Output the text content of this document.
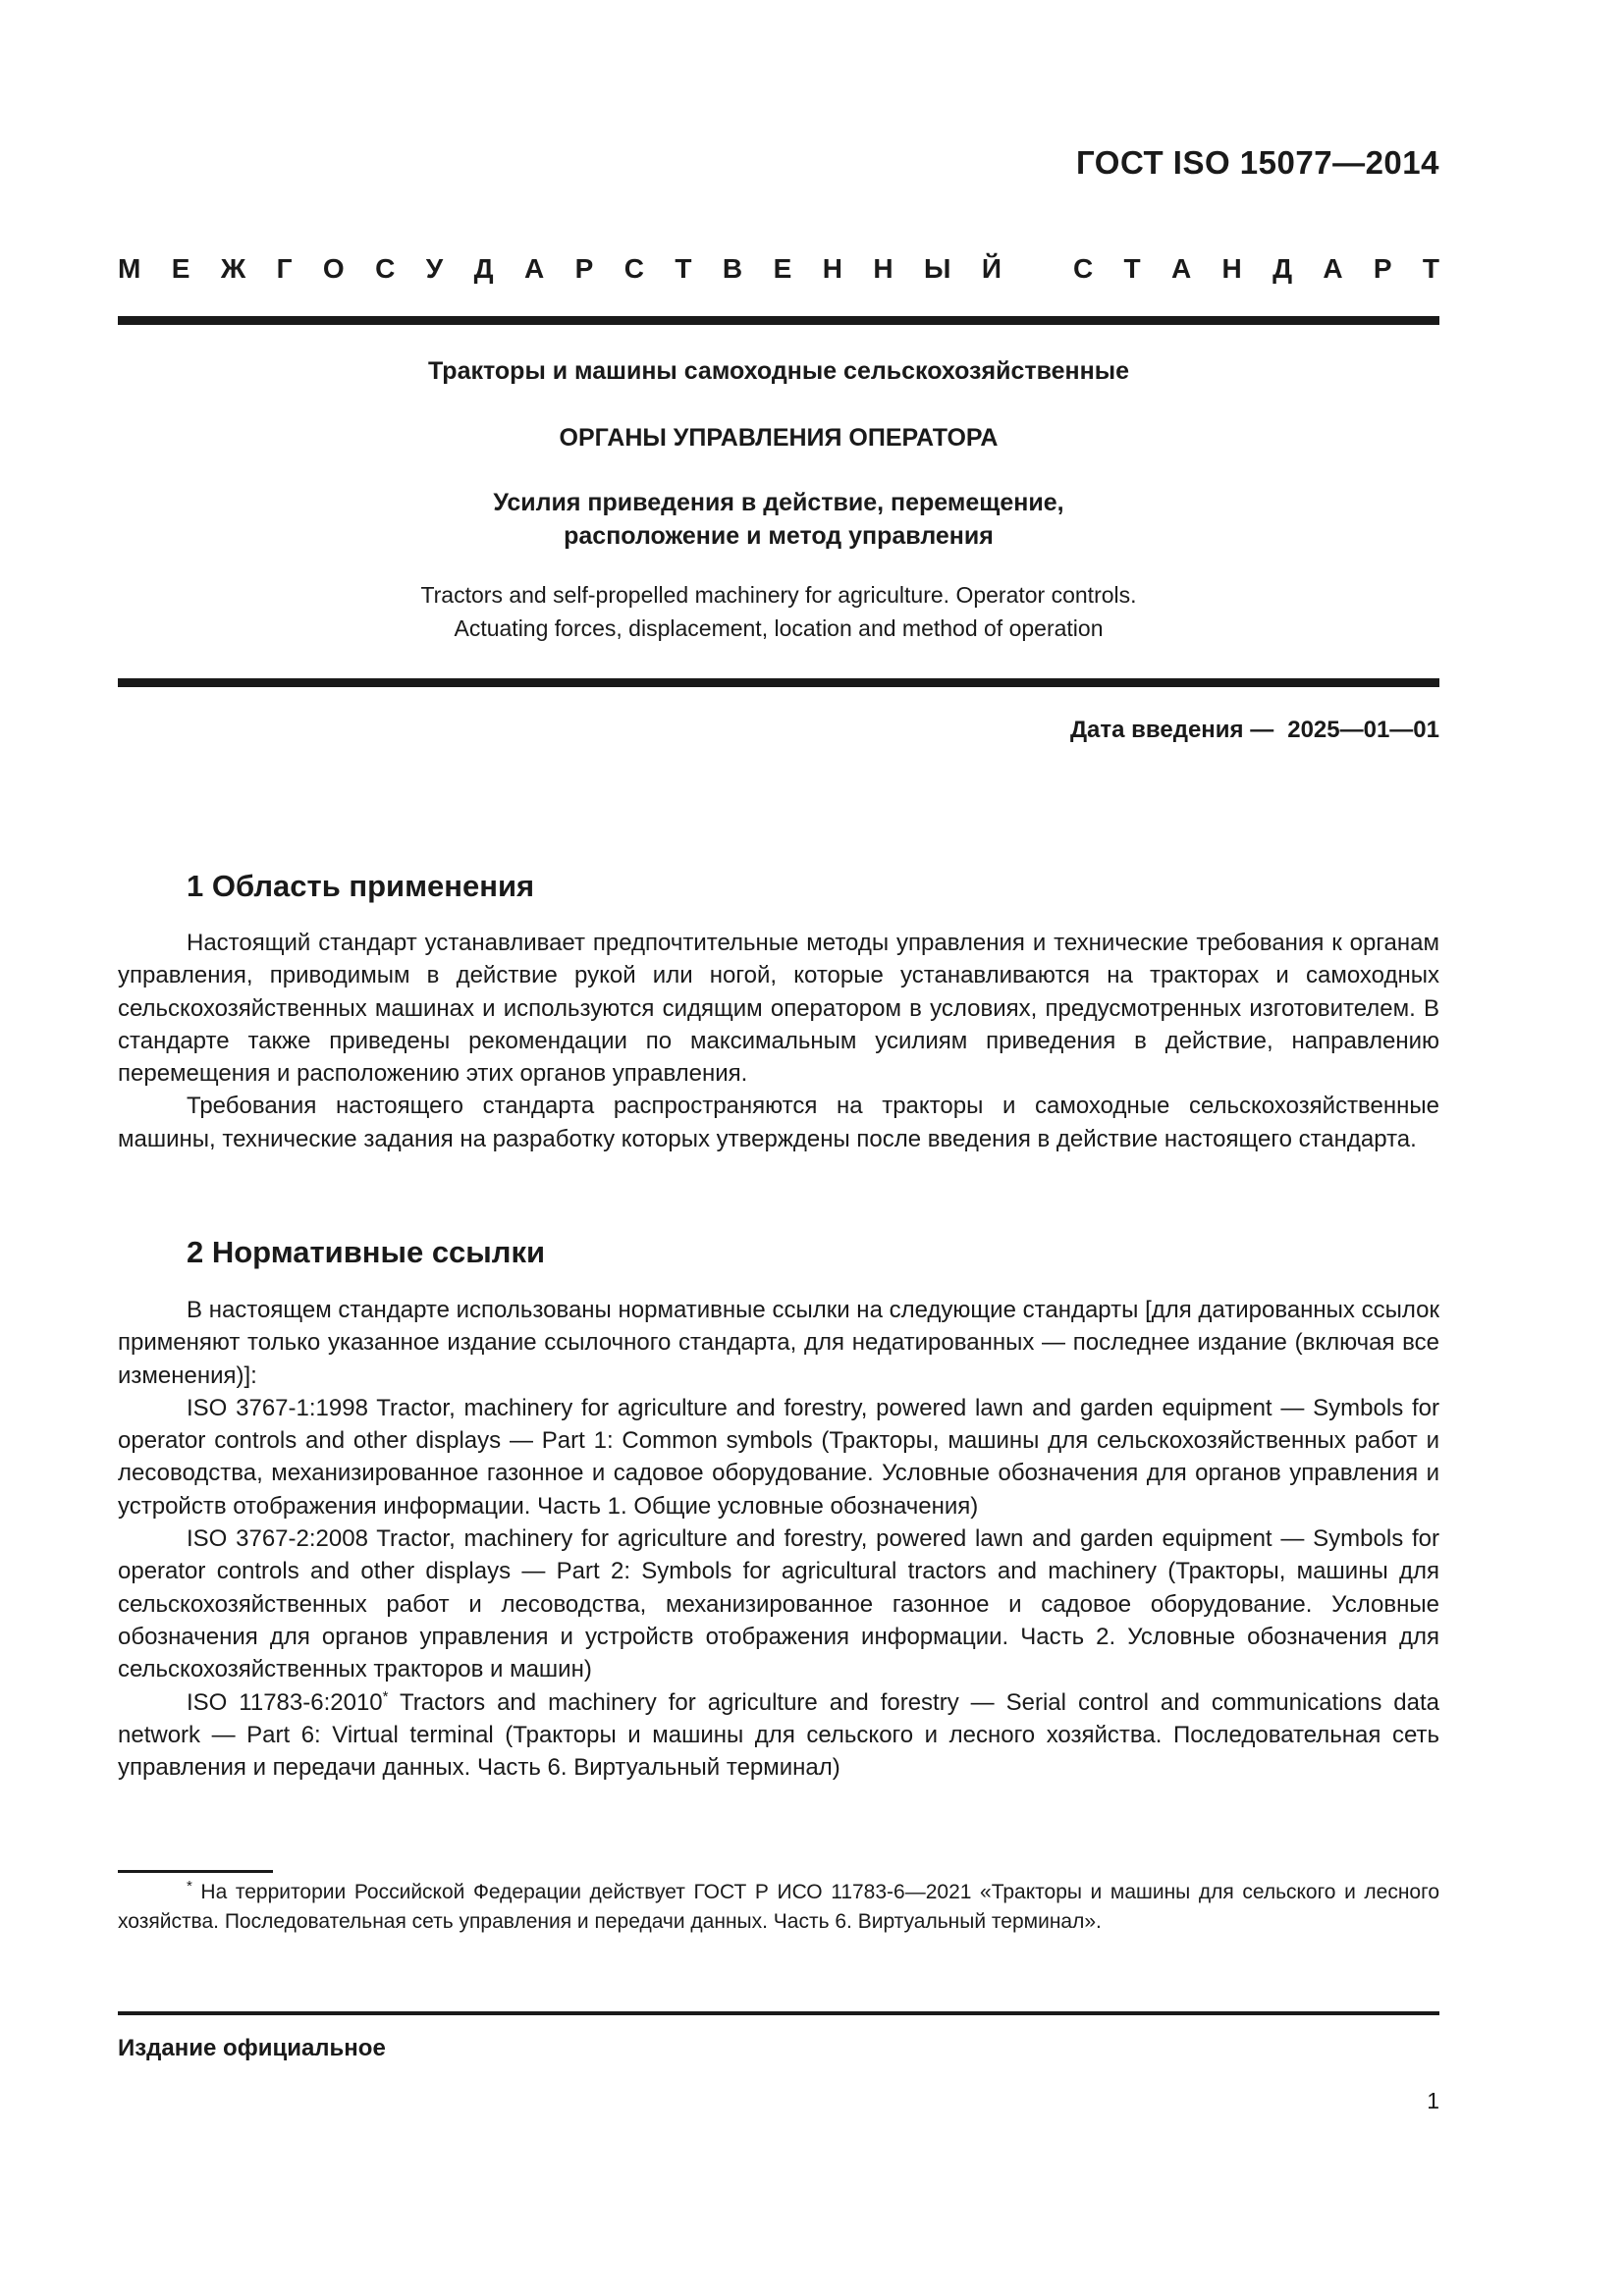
ГОСТ ISO 15077—2014
М Е Ж Г О С У Д А Р С Т В Е Н Н Ы Й	С Т А Н Д А Р Т

Тракторы и машины самоходные сельскохозяйственные

ОРГАНЫ УПРАВЛЕНИЯ ОПЕРАТОРА

Усилия приведения в действие, перемещение,
расположение и метод управления

Tractors and self-propelled machinery for agriculture. Operator controls.
Actuating forces, displacement, location and method of operation

Дата введения — 2025—01—01
1 Область применения

Настоящий стандарт устанавливает предпочтительные методы управления и технические требования к органам управления, приводимым в действие рукой или ногой, которые устанавливаются на тракторах и самоходных сельскохозяйственных машинах и используются сидящим оператором в условиях, предусмотренных изготовителем. В стандарте также приведены рекомендации по максимальным усилиям приведения в действие, направлению перемещения и расположению этих органов управления.

Требования настоящего стандарта распространяются на тракторы и самоходные сельскохозяйственные машины, технические задания на разработку которых утверждены после введения в действие настоящего стандарта.

2 Нормативные ссылки

В настоящем стандарте использованы нормативные ссылки на следующие стандарты [для датированных ссылок применяют только указанное издание ссылочного стандарта, для недатированных — последнее издание (включая все изменения)]:

ISO 3767-1:1998 Tractor, machinery for agriculture and forestry, powered lawn and garden equipment — Symbols for operator controls and other displays — Part 1: Common symbols (Тракторы, машины для сельскохозяйственных работ и лесоводства, механизированное газонное и садовое оборудование. Условные обозначения для органов управления и устройств отображения информации. Часть 1. Общие условные обозначения)

ISO 3767-2:2008 Tractor, machinery for agriculture and forestry, powered lawn and garden equipment — Symbols for operator controls and other displays — Part 2: Symbols for agricultural tractors and machinery (Тракторы, машины для сельскохозяйственных работ и лесоводства, механизированное газонное и садовое оборудование. Условные обозначения для органов управления и устройств отображения информации. Часть 2. Условные обозначения для сельскохозяйственных тракторов и машин)

ISO 11783-6:2010* Tractors and machinery for agriculture and forestry — Serial control and communications data network — Part 6: Virtual terminal (Тракторы и машины для сельского и лесного хозяйства. Последовательная сеть управления и передачи данных. Часть 6. Виртуальный терминал)

* На территории Российской Федерации действует ГОСТ Р ИСО 11783-6—2021 «Тракторы и машины для сельского и лесного хозяйства. Последовательная сеть управления и передачи данных. Часть 6. Виртуальный терминал».

Издание официальное
1
